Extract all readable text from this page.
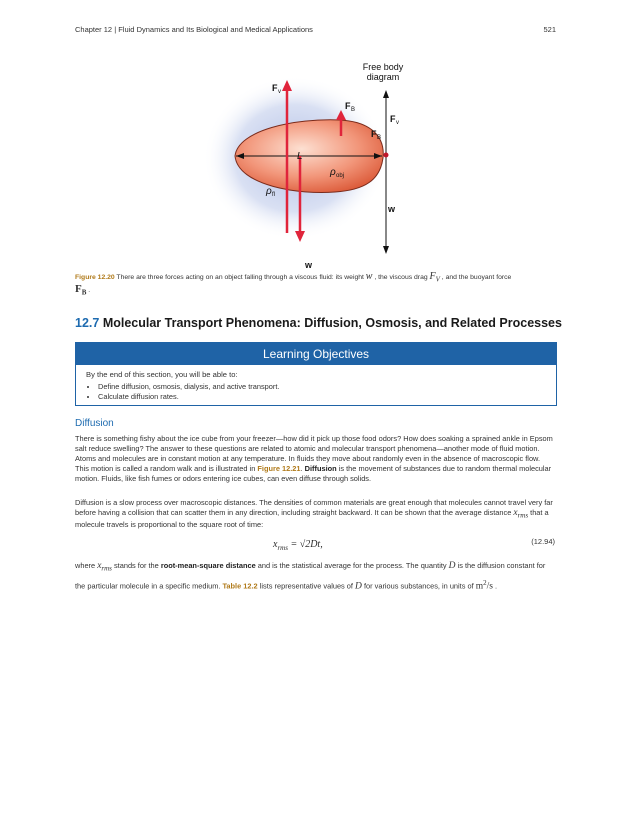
Chapter 12 | Fluid Dynamics and Its Biological and Medical Applications	521
Free body
diagram
F v
F B
F v
F B
L
ρ obj
ρ fl
w
w
Figure 12.20 There are three forces acting on an object falling through a viscous fluid: its weight w , the viscous drag $F_V$ , and the buoyant force
$F_B$ .
12.7 Molecular Transport Phenomena: Diffusion, Osmosis, and Related Processes
Learning Objectives
By the end of this section, you will be able to:
• Define diffusion, osmosis, dialysis, and active transport.
• Calculate diffusion rates.
Diffusion
There is something fishy about the ice cube from your freezer—how did it pick up those food odors? How does soaking a sprained ankle in Epsom salt reduce swelling? The answer to these questions are related to atomic and molecular transport phenomena—another mode of fluid motion. Atoms and molecules are in constant motion at any temperature. In fluids they move about randomly even in the absence of macroscopic flow. This motion is called a random walk and is illustrated in Figure 12.21. Diffusion is the movement of substances due to random thermal molecular motion. Fluids, like fish fumes or odors entering ice cubes, can even diffuse through solids.
Diffusion is a slow process over macroscopic distances. The densities of common materials are great enough that molecules cannot travel very far before having a collision that can scatter them in any direction, including straight backward. It can be shown that the average distance $x_{rms}$ that a molecule travels is proportional to the square root of time:
$x_{rms} = √2Dt$,	(12.94)
where $x_{rms}$ stands for the root-mean-square distance and is the statistical average for the process. The quantity D is the diffusion constant for the particular molecule in a specific medium. Table 12.2 lists representative values of D for various substances, in units of $m^2/s$ .
